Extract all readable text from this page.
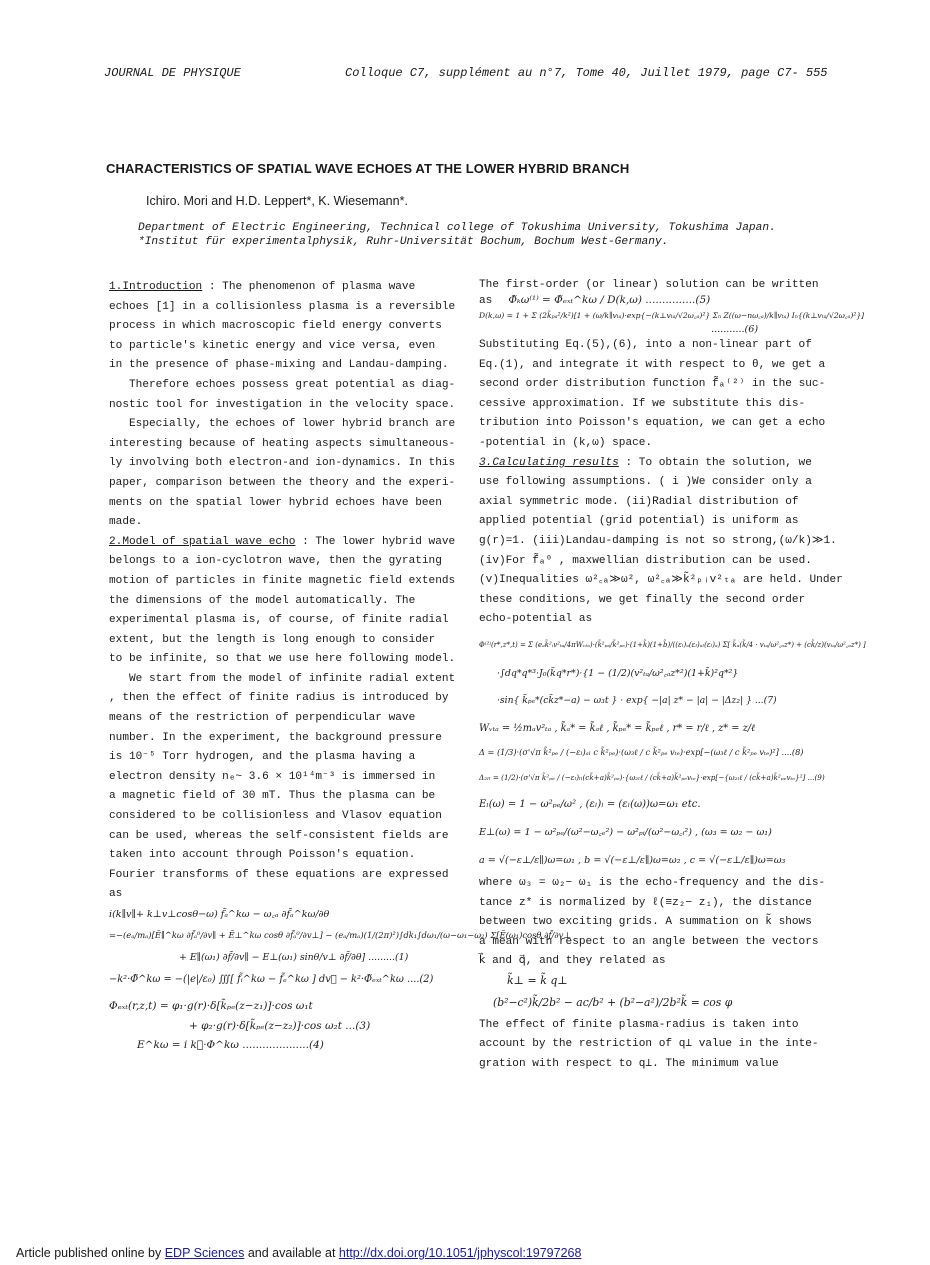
JOURNAL DE PHYSIQUE	Colloque C7, supplément au n°7, Tome 40, Juillet 1979, page C7- 555
CHARACTERISTICS OF SPATIAL WAVE ECHOES AT THE LOWER HYBRID BRANCH
Ichiro. Mori and H.D. Leppert*, K. Wiesemann*.
Department of Electric Engineering, Technical college of Tokushima University, Tokushima Japan.
*Institut für experimentalphysik, Ruhr-Universität Bochum, Bochum West-Germany.
1.Introduction : The phenomenon of plasma wave
echoes [1] in a collisionless plasma is a reversible
process in which macroscopic field energy converts
to particle's kinetic energy and vice versa, even
in the presence of phase-mixing and Landau-damping.
Therefore echoes possess great potential as diag-
nostic tool for investigation in the velocity space.
Especially, the echoes of lower hybrid branch are
interesting because of heating aspects simultaneous-
ly involving both electron-and ion-dynamics. In this
paper, comparison between the theory and the experi-
ments on the spatial lower hybrid echoes have been
made.
2.Model of spatial wave echo : The lower hybrid wave
belongs to a ion-cyclotron wave, then the gyrating
motion of particles in finite magnetic field extends
the dimensions of the model automatically. The
experimental plasma is, of course, of finite radial
extent, but the length is long enough to consider
to be infinite, so that we use here following model.
We start from the model of infinite radial extent
, then the effect of finite radius is introduced by
means of the restriction of perpendicular wave
number. In the experiment, the background pressure
is 10⁻⁵ Torr hydrogen, and the plasma having a
electron density nₑ~ 3.6 × 10¹⁴m⁻³ is immersed in
a magnetic field of 30 mT. Thus the plasma can be
considered to be collisionless and Vlasov equation
can be used, whereas the self-consistent fields are
taken into account through Poisson's equation.
Fourier transforms of these equations are expressed
as
i(k∥v∥+ k⊥v⊥cosθ−ω) f̃ₐ^kω − ω꜀ₐ ∂f̃ₐ^kω/∂θ
=−(eₐ/mₐ)[Ẽ∥^kω ∂f̃ₐ⁰/∂v∥ + Ẽ⊥^kω cosθ ∂f̃ₐ⁰/∂v⊥] − (eₐ/mₐ)(1/(2π)²)∫dk₁∫dω₁/(ω−ω₁−ω₂) Σ[Ẽ(ω₁)cosθ ∂f̃/∂v⊥
+ E∥(ω₁) ∂f̃/∂v∥ − E⊥(ω₁) sinθ/v⊥ ∂f̃/∂θ] .........(1)
−k²·Φ̃^kω = −(|e|/ε₀) ∭[ f̃ᵢ^kω − f̃ₑ^kω ] dv⃗ − k²·Φ̃ₑₓₜ^kω ....(2)
Φₑₓₜ(r,z,t) = φ₁·g(r)·δ[k̃ₚₑ(z−z₁)]·cos ω₁t
+ φ₂·g(r)·δ[k̃ₚₑ(z−z₂)]·cos ω₂t ...(3)
E^kω = i k⃗·Φ^kω ....................(4)
The first-order (or linear) solution can be written
as Φ̃ₖω⁽¹⁾ = Φ̃ₑₓₜ^kω / D(k,ω) ...............(5)
D(k,ω) = 1 + Σ (2k̃ₚₐ²/k²)[1 + (ω/k∥vₜₐ)·exp{−(k⊥vₜₐ/√2ω꜀ₐ)²} Σₙ Z((ω−nω꜀ₐ)/k∥vₜₐ) Iₙ{(k⊥vₜₐ/√2ω꜀ₐ)²}]
...........(6)
Substituting Eq.(5),(6), into a non-linear part of
Eq.(1), and integrate it with respect to θ, we get a
second order distribution function f̃ₐ⁽²⁾ in the suc-
cessive approximation. If we substitute this dis-
tribution into Poisson's equation, we can get a echo
-potential in (k,ω) space.
3.Calculating results : To obtain the solution, we
use following assumptions. ( i )We consider only a
axial symmetric mode. (ii)Radial distribution of
applied potential (grid potential) is uniform as
g(r)=1. (iii)Landau-damping is not so strong,(ω/k)≫1.
(iv)For f̃ₐ⁰ , maxwellian distribution can be used.
(v)Inequalities ω²꜀ₐ≫ω², ω²꜀ₐ≫k̃²ₚᵢv²ₜₐ are held. Under
these conditions, we get finally the second order
echo-potential as
Φ⁽²⁾(r*,z*,t) = Σ (eₐk̃²ᵢv²ₜₐ/4πWᵥₜₐ)·(k̃²ₚₐ/k̃²ₚₑ)·(1+k̃)(1+b̃)/((εₗ)ₐ(εₗ)ₐₗ(εₗ)ₐ) Σ[ k̃ₐ(k̃/4 · vₜₐ/ω²꜀ₐz*) + (ck̃/z)(vₜₐ/ω²꜀ₐz*) ]
·∫dq*q*³·J₀(k̃q*r*)·{1 − (1/2)(v²ₜₐ/ω²꜀ₐz*²)(1+k̃)²q*²}
·sin{ k̃ₚₑ*(ck̃z*−a) − ω₃t } · exp{ −|a| z* − |a| − |Δz₂| } ...(7)
Wᵥₜₐ = ½mₐv²ₜₐ , k̃ₐ* = k̃ₐℓ , k̃ₚₑ* = k̃ₚₑℓ , r* = r/ℓ , z* = z/ℓ
Δ = (1/3)·(σ'√π k̃²ₚₑ / (−εₗ)ₐₗ c k̃²ₚₑ)·(ω₃ℓ / c k̃²ₚₑ vₜₑ)·exp[−(ω₃ℓ / c k̃²ₚₑ vₜₑ)²] ....(8)
Δ₂ₗₗ = (1/2)·(σ'√π k̃²ₚₑ / (−εₗ)ₗₗ(ck̃+a)k̃²ₚₑ)·{ω₂ₗℓ / (ck̃+a)k̃²ₚₑvₜₑ}·exp[−{ω₂ₗℓ / (ck̃+a)k̃²ₚₑvₜₑ}²] ...(9)
Eₗ(ω) = 1 − ω²ₚₑ/ω² , (εₗ)ₗ = (εₗ(ω))ω=ω₁ etc.
E⊥(ω) = 1 − ω²ₚₑ/(ω²−ω꜀ₑ²) − ω²ₚᵢ/(ω²−ω꜀ᵢ²) , (ω₃ = ω₂ − ω₁)
a = √(−ε⊥/ε∥)ω=ω₁ , b = √(−ε⊥/ε∥)ω=ω₂ , c = √(−ε⊥/ε∥)ω=ω₃
where ω₃ = ω₂− ω₁ is the echo-frequency and the dis-
tance z* is normalized by ℓ(≡z₂− z₁), the distance
between two exciting grids. A summation on k̃ shows
a mean with respect to an angle between the vectors
k⃗ and q⃗, and they related as
k̃⊥ = k̃ q⊥
(b²−c²)k̃/2b² − ac/b² + (b²−a²)/2b²k̃ = cos φ
The effect of finite plasma-radius is taken into
account by the restriction of q⊥ value in the inte-
gration with respect to q⊥. The minimum value
Article published online by EDP Sciences and available at http://dx.doi.org/10.1051/jphyscol:19797268
